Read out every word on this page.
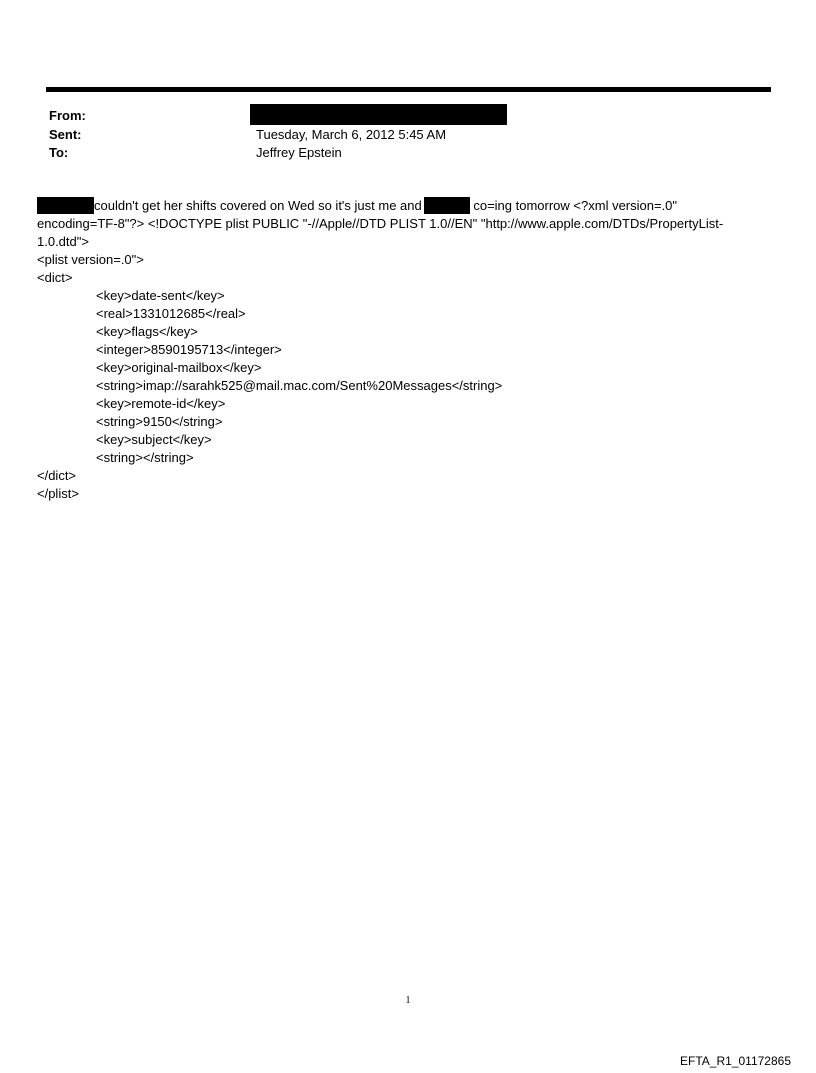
From:
Sent:	Tuesday, March 6, 2012 5:45 AM
To:	Jeffrey Epstein
couldn't get her shifts covered on Wed so it's just me and	co=ing tomorrow <?xml version=.0"
encoding=TF-8"?> <!DOCTYPE plist PUBLIC "-//Apple//DTD PLIST 1.0//EN" "http://www.apple.com/DTDs/PropertyList-
1.0.dtd">
<plist version=.0">
<dict>
<key>date-sent</key>
<real>1331012685</real>
<key>flags</key>
<integer>8590195713</integer>
<key>original-mailbox</key>
<string>imap://sarahk525@mail.mac.com/Sent%20Messages</string>
<key>remote-id</key>
<string>9150</string>
<key>subject</key>
<string></string>
</dict>
</plist>
1
EFTA_R1_01172865
